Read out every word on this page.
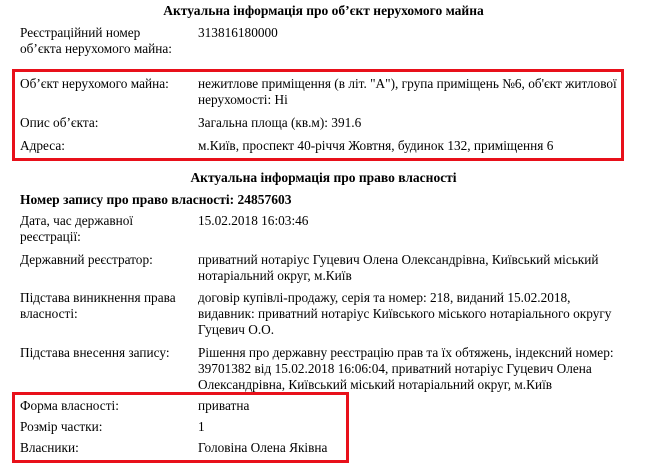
Актуальна інформація про об’єкт нерухомого майна
Реєстраційний номер об’єкта нерухомого майна:
313816180000
Об’єкт нерухомого майна:	нежитлове приміщення (в літ. "А"), група приміщень №6, об'єкт житлової нерухомості: Ні
Опис об’єкта:	Загальна площа (кв.м): 391.6
Адреса:	м.Київ, проспект 40-річчя Жовтня, будинок 132, приміщення 6
Актуальна інформація про право власності
Номер запису про право власності: 24857603
Дата, час державної реєстрації:
15.02.2018 16:03:46
Державний реєстратор:	приватний нотаріус Гуцевич Олена Олександрівна, Київський міський нотаріальний округ, м.Київ
Підстава виникнення права власності:
договір купівлі-продажу, серія та номер: 218, виданий 15.02.2018, видавник: приватний нотаріус Київського міського нотаріального округу Гуцевич О.О.
Підстава внесення запису:	Рішення про державну реєстрацію прав та їх обтяжень, індексний номер: 39701382 від 15.02.2018 16:06:04, приватний нотаріус Гуцевич Олена Олександрівна, Київський міський нотаріальний округ, м.Київ
Форма власності:	приватна
Розмір частки:	1
Власники:	Головіна Олена Яківна
